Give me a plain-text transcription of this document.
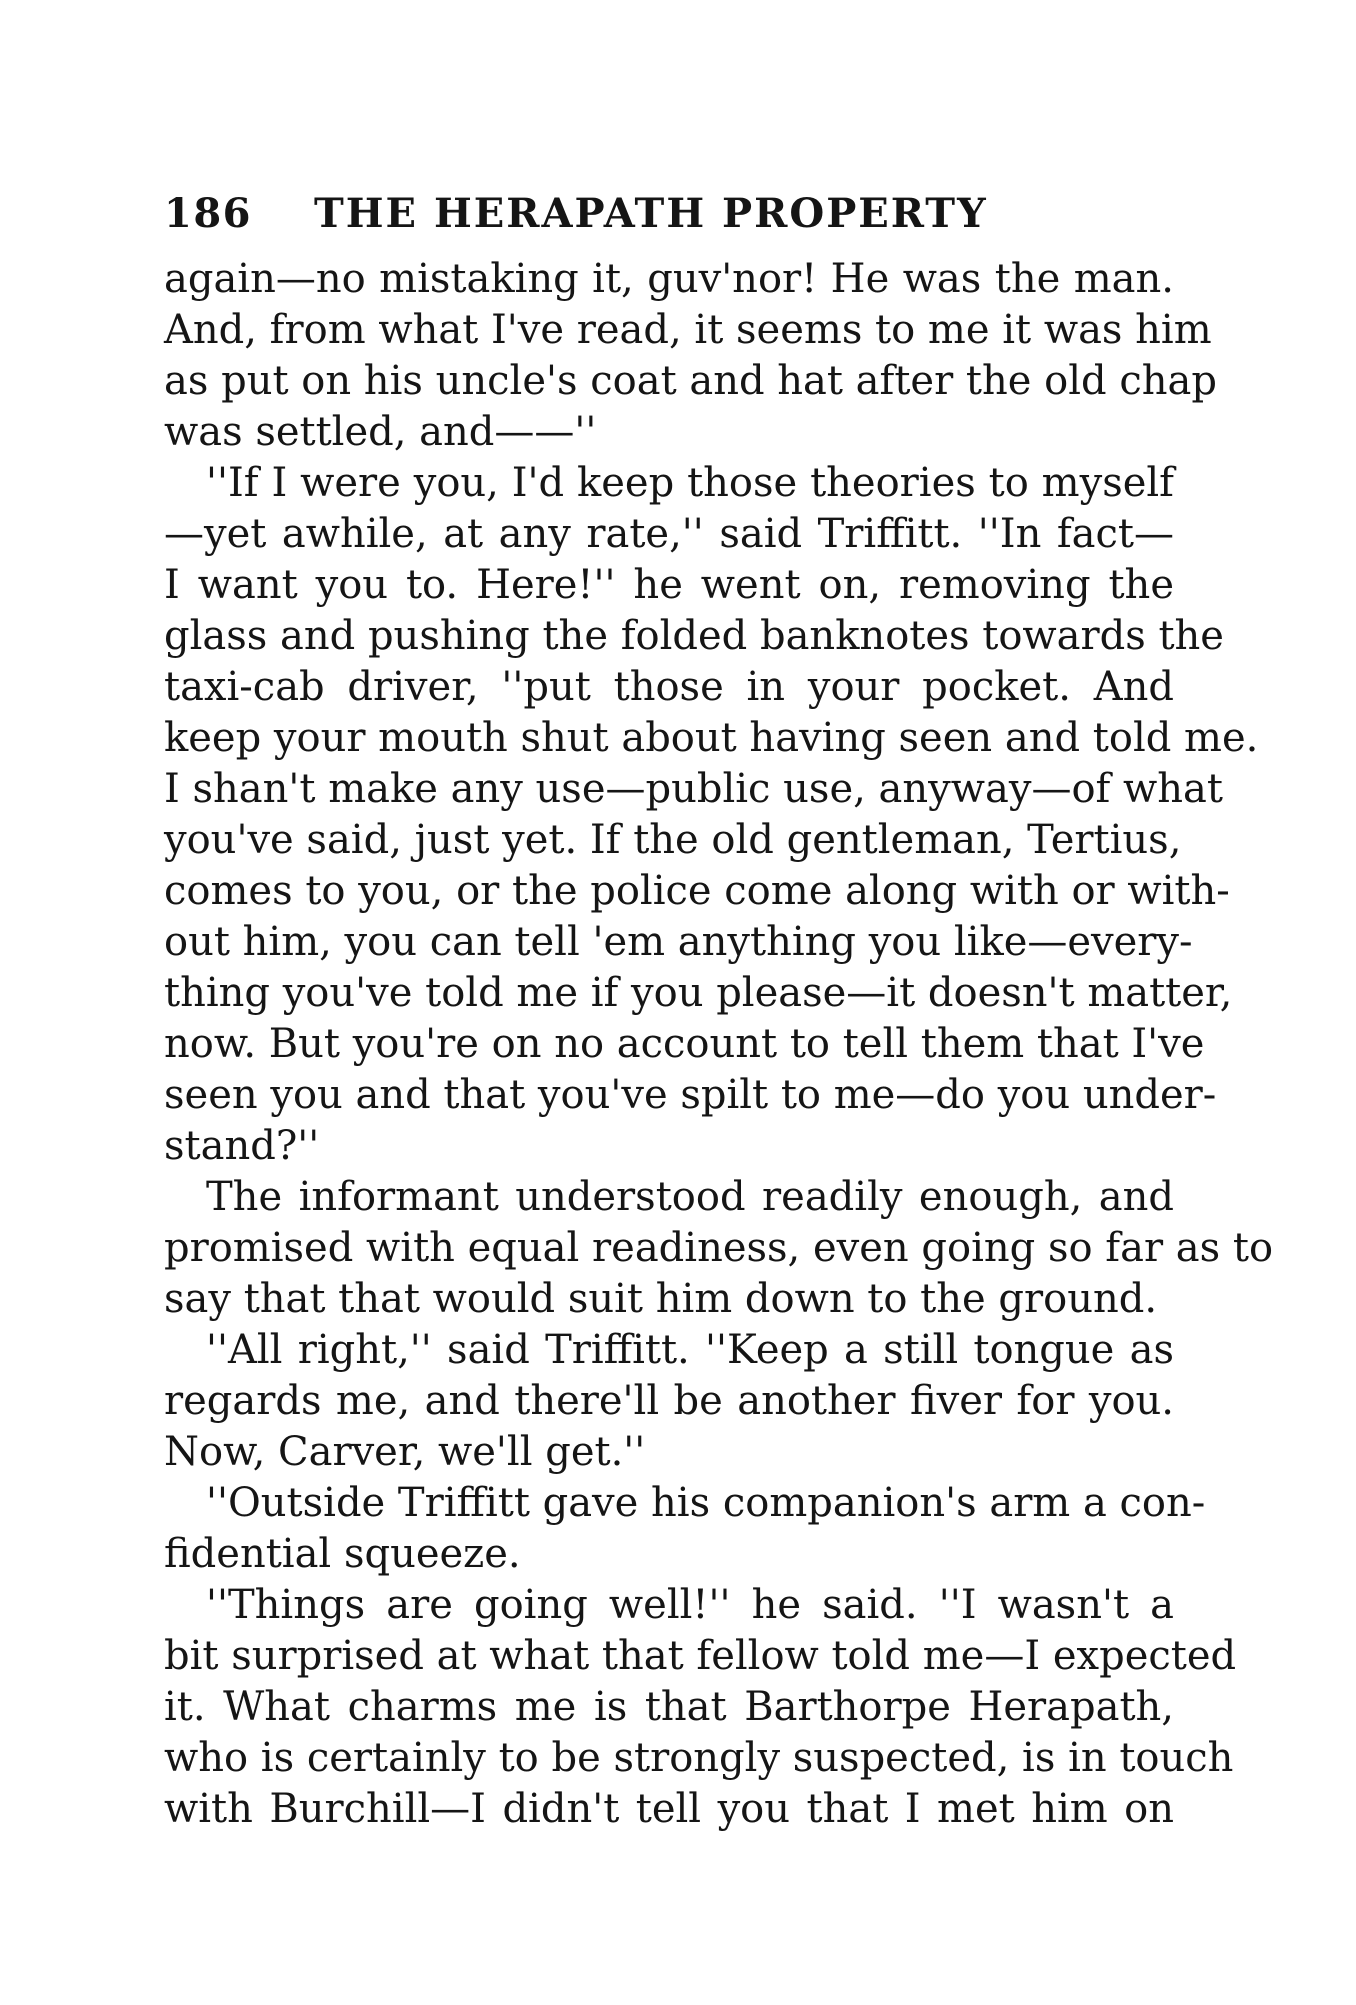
186 THE HERAPATH PROPERTY
again—no mistaking it, guv'nor! He was the man.
And, from what I've read, it seems to me it was him
as put on his uncle's coat and hat after the old chap
was settled, and——''
''If I were you, I'd keep those theories to myself
—yet awhile, at any rate,'' said Triffitt. ''In fact—
I want you to. Here!'' he went on, removing the
glass and pushing the folded banknotes towards the
taxi-cab driver, ''put those in your pocket. And
keep your mouth shut about having seen and told me.
I shan't make any use—public use, anyway—of what
you've said, just yet. If the old gentleman, Tertius,
comes to you, or the police come along with or with-
out him, you can tell 'em anything you like—every-
thing you've told me if you please—it doesn't matter,
now. But you're on no account to tell them that I've
seen you and that you've spilt to me—do you under-
stand?''
The informant understood readily enough, and
promised with equal readiness, even going so far as to
say that that would suit him down to the ground.
''All right,'' said Triffitt. ''Keep a still tongue as
regards me, and there'll be another fiver for you.
Now, Carver, we'll get.''
''Outside Triffitt gave his companion's arm a con-
fidential squeeze.
''Things are going well!'' he said. ''I wasn't a
bit surprised at what that fellow told me—I expected
it. What charms me is that Barthorpe Herapath,
who is certainly to be strongly suspected, is in touch
with Burchill—I didn't tell you that I met him on
